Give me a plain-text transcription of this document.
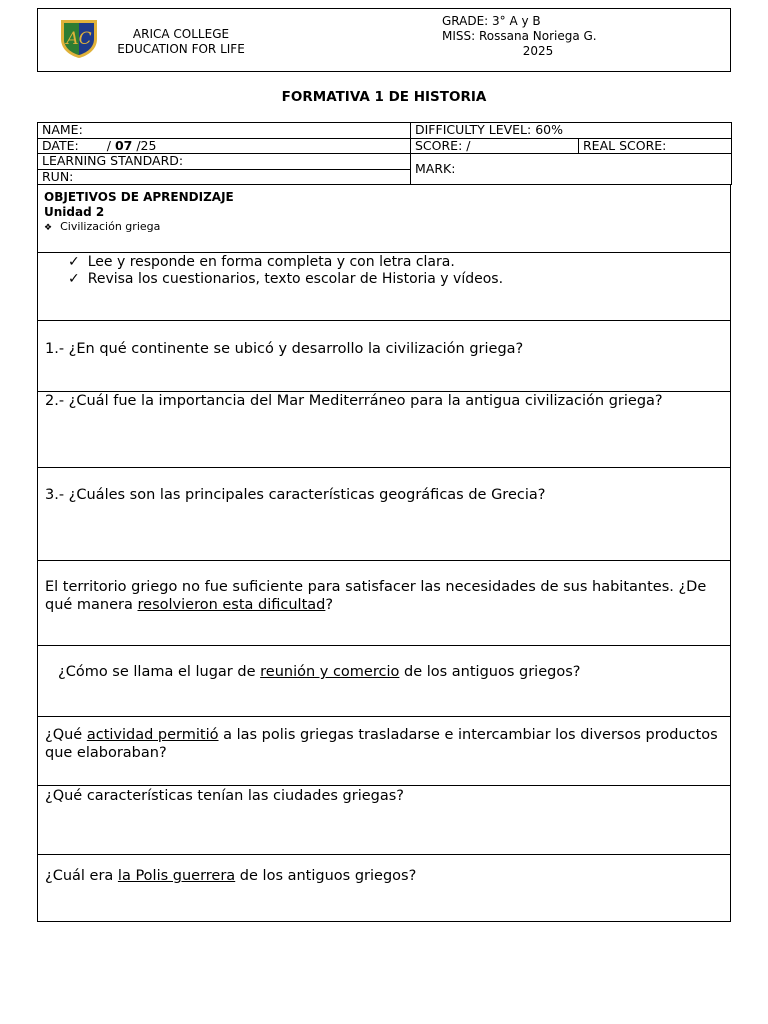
AC	ARICA COLLEGE
EDUCATION FOR LIFE
GRADE: 3° A y B
MISS: Rossana Noriega G.
2025
FORMATIVA 1 DE HISTORIA
NAME:	DIFFICULTY LEVEL: 60%	
DATE: / 07 /25	SCORE: /	REAL SCORE:
LEARNING STANDARD:	MARK:	
RUN:		
OBJETIVOS DE APRENDIZAJE
Unidad 2
❖ Civilización griega
✓ Lee y responde en forma completa y con letra clara.
✓ Revisa los cuestionarios, texto escolar de Historia y vídeos.
1.- ¿En qué continente se ubicó y desarrollo la civilización griega?
2.- ¿Cuál fue la importancia del Mar Mediterráneo para la antigua civilización griega?
3.- ¿Cuáles son las principales características geográficas de Grecia?
El territorio griego no fue suficiente para satisfacer las necesidades de sus habitantes. ¿De qué manera resolvieron esta dificultad?
¿Cómo se llama el lugar de reunión y comercio de los antiguos griegos?
¿Qué actividad permitió a las polis griegas trasladarse e intercambiar los diversos productos que elaboraban?
¿Qué características tenían las ciudades griegas?
¿Cuál era la Polis guerrera de los antiguos griegos?
